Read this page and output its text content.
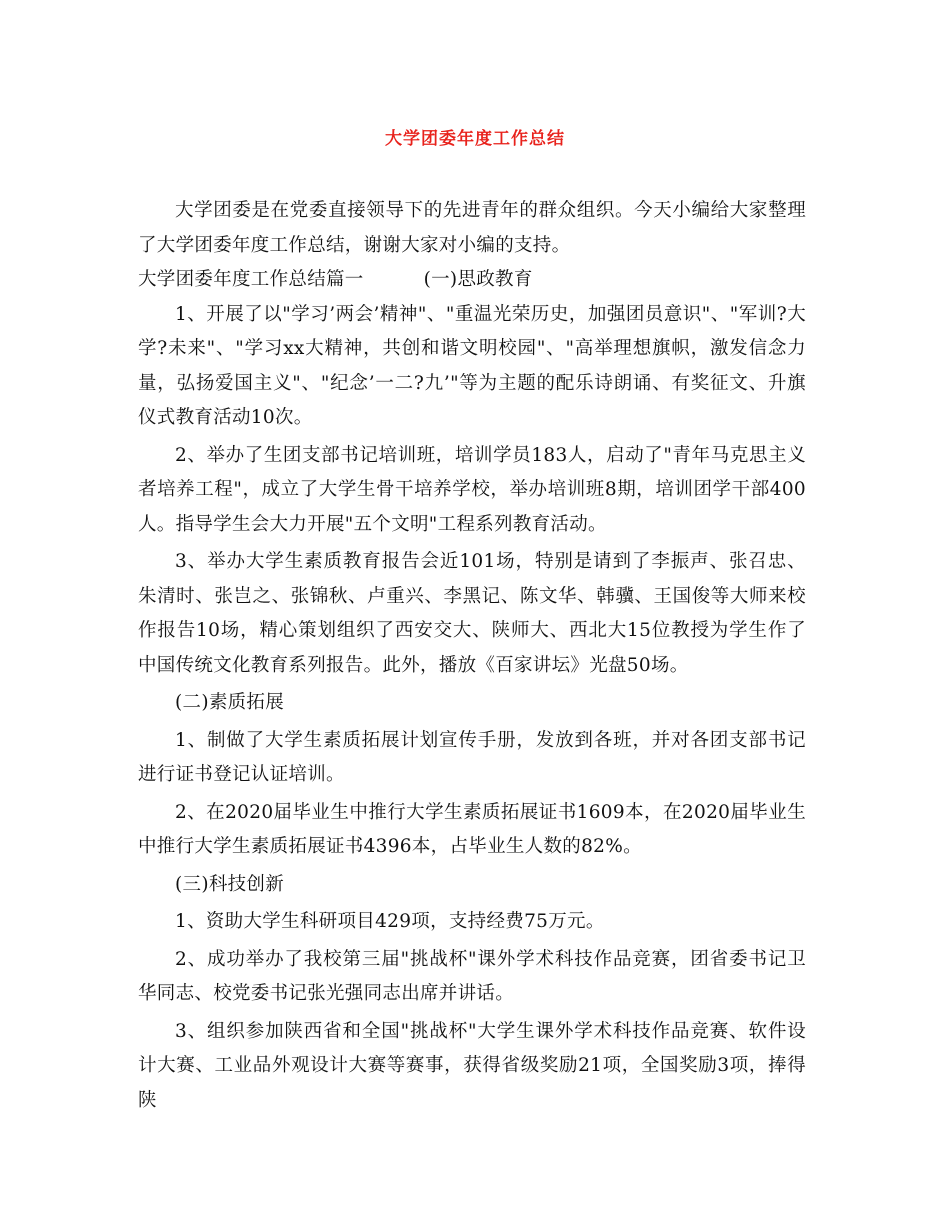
大学团委年度工作总结

大学团委是在党委直接领导下的先进青年的群众组织。今天小编给大家整理了大学团委年度工作总结，谢谢大家对小编的支持。

大学团委年度工作总结篇一	(一)思政教育

1、开展了以"学习’两会’精神"、"重温光荣历史，加强团员意识"、"军训?大学?未来"、"学习xx大精神，共创和谐文明校园"、"高举理想旗帜，激发信念力量，弘扬爱国主义"、"纪念’一二?九’"等为主题的配乐诗朗诵、有奖征文、升旗仪式教育活动10次。

2、举办了生团支部书记培训班，培训学员183人，启动了"青年马克思主义者培养工程"，成立了大学生骨干培养学校，举办培训班8期，培训团学干部400人。指导学生会大力开展"五个文明"工程系列教育活动。

3、举办大学生素质教育报告会近101场，特别是请到了李振声、张召忠、朱清时、张岂之、张锦秋、卢重兴、李黑记、陈文华、韩骥、王国俊等大师来校作报告10场，精心策划组织了西安交大、陕师大、西北大15位教授为学生作了中国传统文化教育系列报告。此外，播放《百家讲坛》光盘50场。

(二)素质拓展

1、制做了大学生素质拓展计划宣传手册，发放到各班，并对各团支部书记进行证书登记认证培训。

2、在2020届毕业生中推行大学生素质拓展证书1609本，在2020届毕业生中推行大学生素质拓展证书4396本，占毕业生人数的82%。

(三)科技创新

1、资助大学生科研项目429项，支持经费75万元。

2、成功举办了我校第三届"挑战杯"课外学术科技作品竞赛，团省委书记卫华同志、校党委书记张光强同志出席并讲话。

3、组织参加陕西省和全国"挑战杯"大学生课外学术科技作品竞赛、软件设计大赛、工业品外观设计大赛等赛事，获得省级奖励21项，全国奖励3项，捧得陕
